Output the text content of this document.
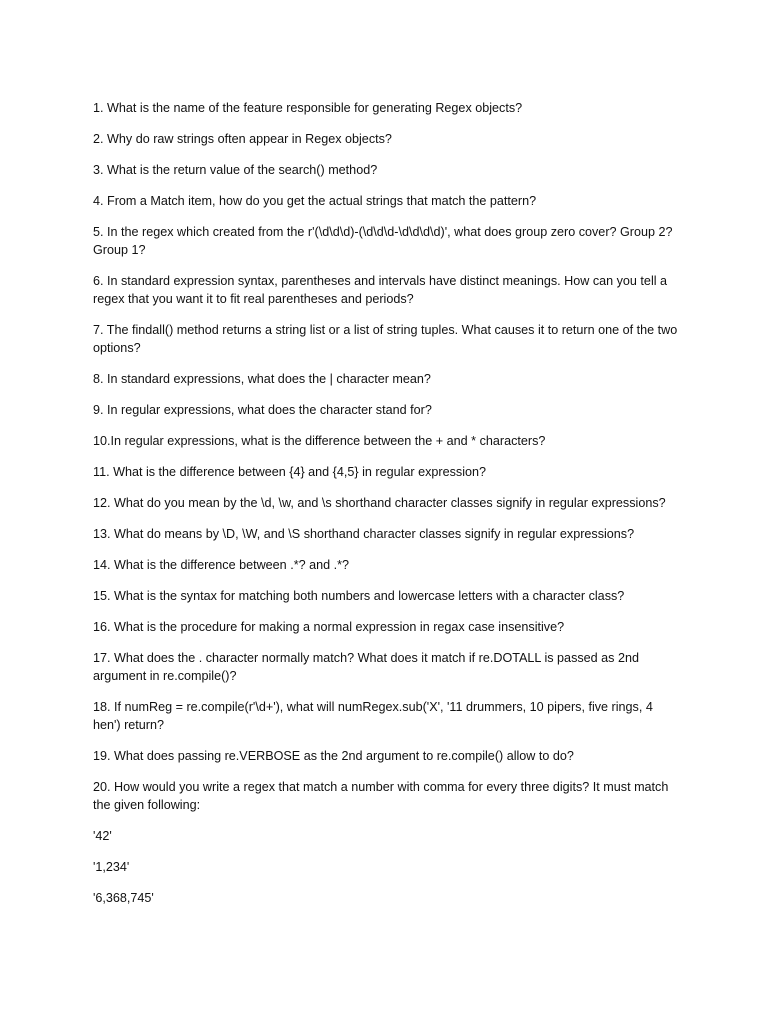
1. What is the name of the feature responsible for generating Regex objects?

2. Why do raw strings often appear in Regex objects?

3. What is the return value of the search() method?

4. From a Match item, how do you get the actual strings that match the pattern?

5. In the regex which created from the r'(\d\d\d)-(\d\d\d-\d\d\d\d)', what does group zero cover? Group 2? Group 1?

6. In standard expression syntax, parentheses and intervals have distinct meanings. How can you tell a regex that you want it to fit real parentheses and periods?

7. The findall() method returns a string list or a list of string tuples. What causes it to return one of the two options?

8. In standard expressions, what does the | character mean?

9. In regular expressions, what does the character stand for?

10.In regular expressions, what is the difference between the + and * characters?

11. What is the difference between {4} and {4,5} in regular expression?

12. What do you mean by the \d, \w, and \s shorthand character classes signify in regular expressions?

13. What do means by \D, \W, and \S shorthand character classes signify in regular expressions?

14. What is the difference between .*? and .*?

15. What is the syntax for matching both numbers and lowercase letters with a character class?

16. What is the procedure for making a normal expression in regax case insensitive?

17. What does the . character normally match? What does it match if re.DOTALL is passed as 2nd argument in re.compile()?

18. If numReg = re.compile(r'\d+'), what will numRegex.sub('X', '11 drummers, 10 pipers, five rings, 4 hen') return?

19. What does passing re.VERBOSE as the 2nd argument to re.compile() allow to do?

20. How would you write a regex that match a number with comma for every three digits? It must match the given following:

'42'

'1,234'

'6,368,745'
